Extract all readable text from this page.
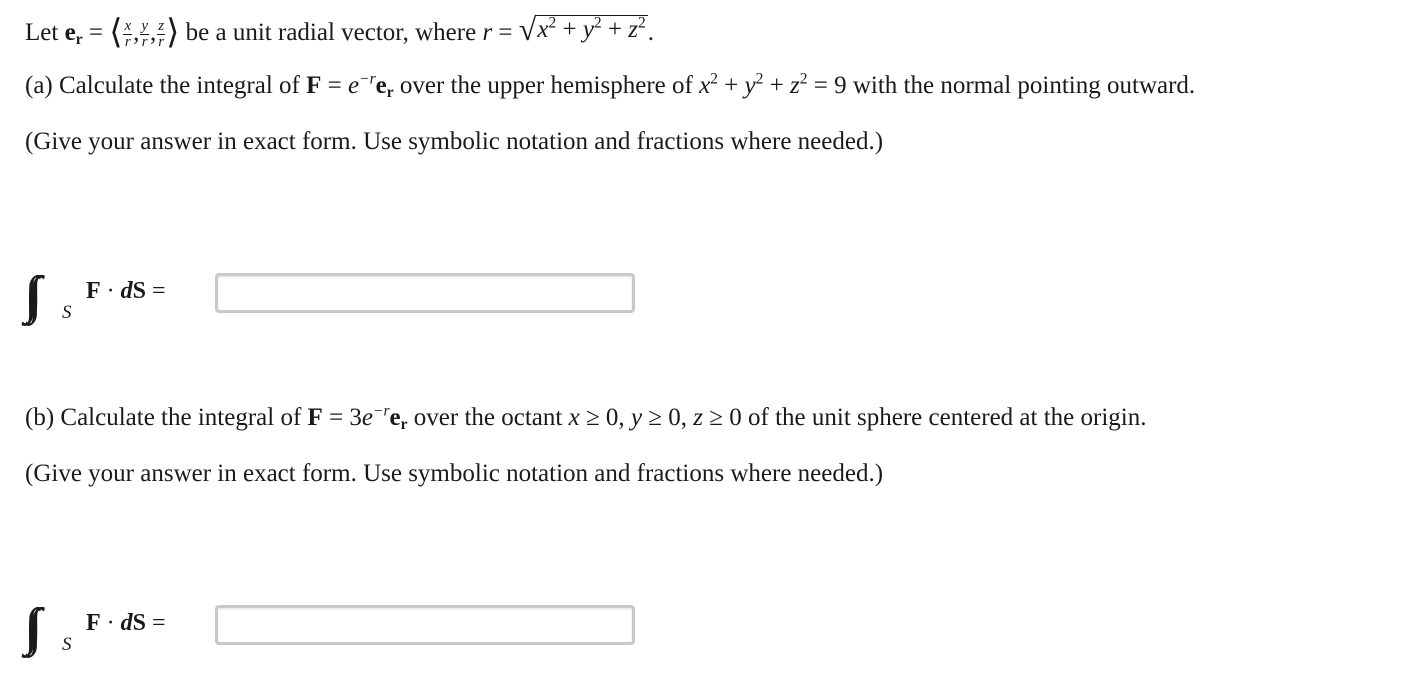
Let $e_r$ = ⟨ $\frac{x}{r}$ , $\frac{y}{r}$ , $\frac{z}{r}$ ⟩ be a unit radial vector, where r = √ $x^2 + y^2 + z^2$ .
(a) Calculate the integral of $F = e^{-r}e_r$ over the upper hemisphere of $x^2 + y^2 + z^2 = 9$ with the normal pointing outward.
(Give your answer in exact form. Use symbolic notation and fractions where needed.)
S
F · dS =
(b) Calculate the integral of $F = 3e^{-r}e_r$ over the octant x ≥ 0, y ≥ 0, z ≥ 0 of the unit sphere centered at the origin.
(Give your answer in exact form. Use symbolic notation and fractions where needed.)
S
F · dS =
